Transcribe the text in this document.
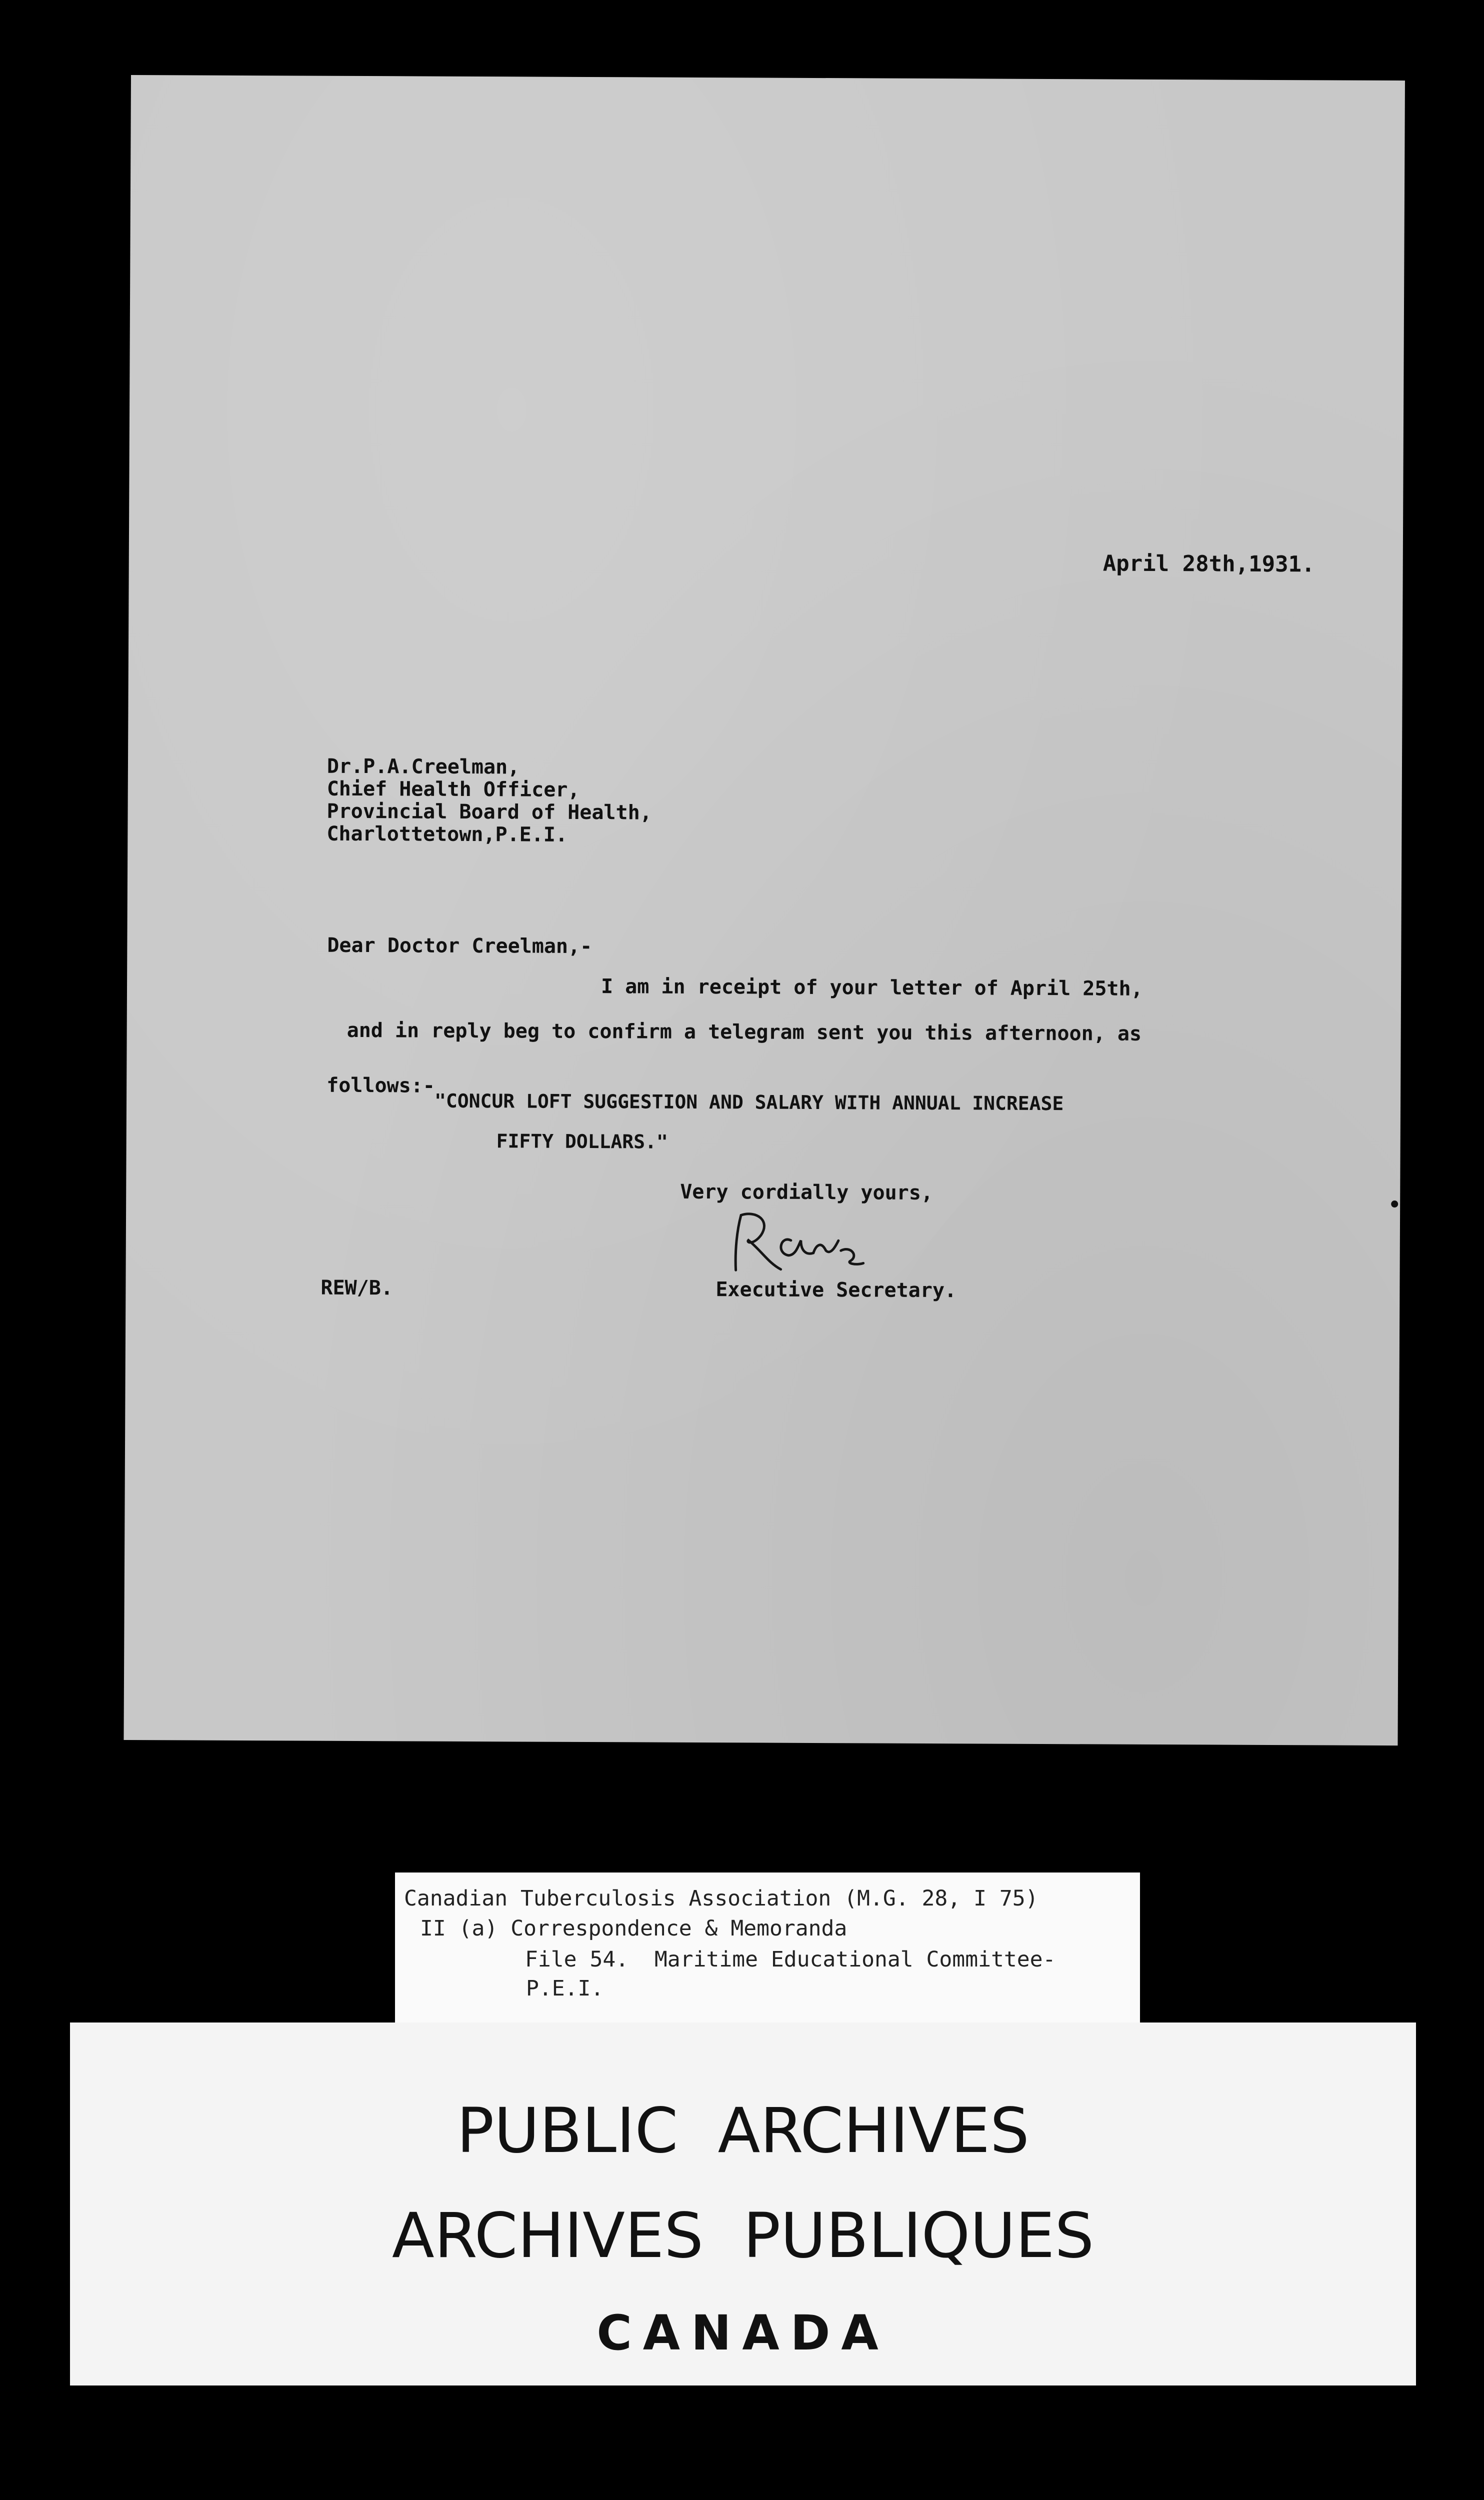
April 28th,1931.
Dr.P.A.Creelman,
Chief Health Officer,
Provincial Board of Health,
Charlottetown,P.E.I.
Dear Doctor Creelman,-
I am in receipt of your letter of April 25th,
and in reply beg to confirm a telegram sent you this afternoon, as
follows:-
"CONCUR LOFT SUGGESTION AND SALARY WITH ANNUAL INCREASE
FIFTY DOLLARS."
Very cordially yours,
REW/B.	Executive Secretary.
Canadian Tuberculosis Association (M.G. 28, I 75)
II (a) Correspondence & Memoranda
File 54.  Maritime Educational Committee-
P.E.I.
PUBLIC ARCHIVES
ARCHIVES PUBLIQUES
CANADA
